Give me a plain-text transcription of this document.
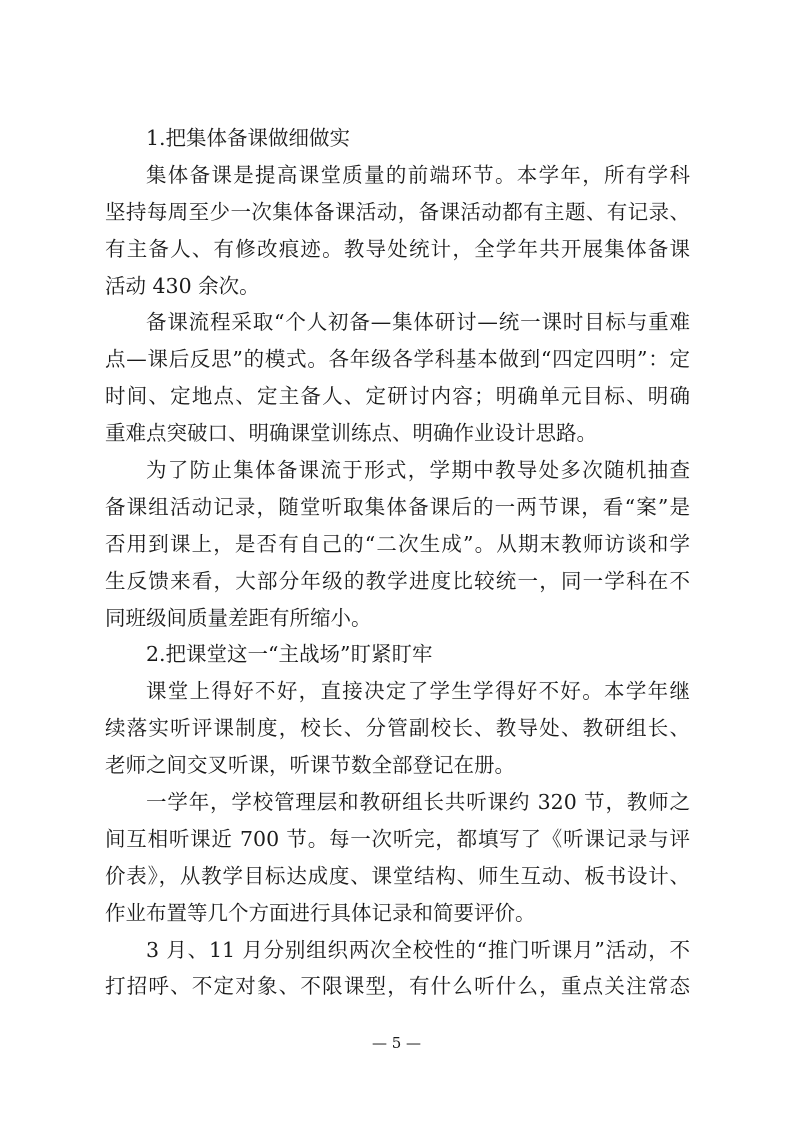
1.把集体备课做细做实
集体备课是提高课堂质量的前端环节。本学年，所有学科
坚持每周至少一次集体备课活动，备课活动都有主题、有记录、
有主备人、有修改痕迹。教导处统计，全学年共开展集体备课
活动 430 余次。
备课流程采取“个人初备—集体研讨—统一课时目标与重难
点—课后反思”的模式。各年级各学科基本做到“四定四明”：定
时间、定地点、定主备人、定研讨内容；明确单元目标、明确
重难点突破口、明确课堂训练点、明确作业设计思路。
为了防止集体备课流于形式，学期中教导处多次随机抽查
备课组活动记录，随堂听取集体备课后的一两节课，看“案”是
否用到课上，是否有自己的“二次生成”。从期末教师访谈和学
生反馈来看，大部分年级的教学进度比较统一，同一学科在不
同班级间质量差距有所缩小。
2.把课堂这一“主战场”盯紧盯牢
课堂上得好不好，直接决定了学生学得好不好。本学年继
续落实听评课制度，校长、分管副校长、教导处、教研组长、
老师之间交叉听课，听课节数全部登记在册。
一学年，学校管理层和教研组长共听课约 320 节，教师之
间互相听课近 700 节。每一次听完，都填写了《听课记录与评
价表》，从教学目标达成度、课堂结构、师生互动、板书设计、
作业布置等几个方面进行具体记录和简要评价。
3 月、11 月分别组织两次全校性的“推门听课月”活动，不
打招呼、不定对象、不限课型，有什么听什么，重点关注常态
— 5 —
